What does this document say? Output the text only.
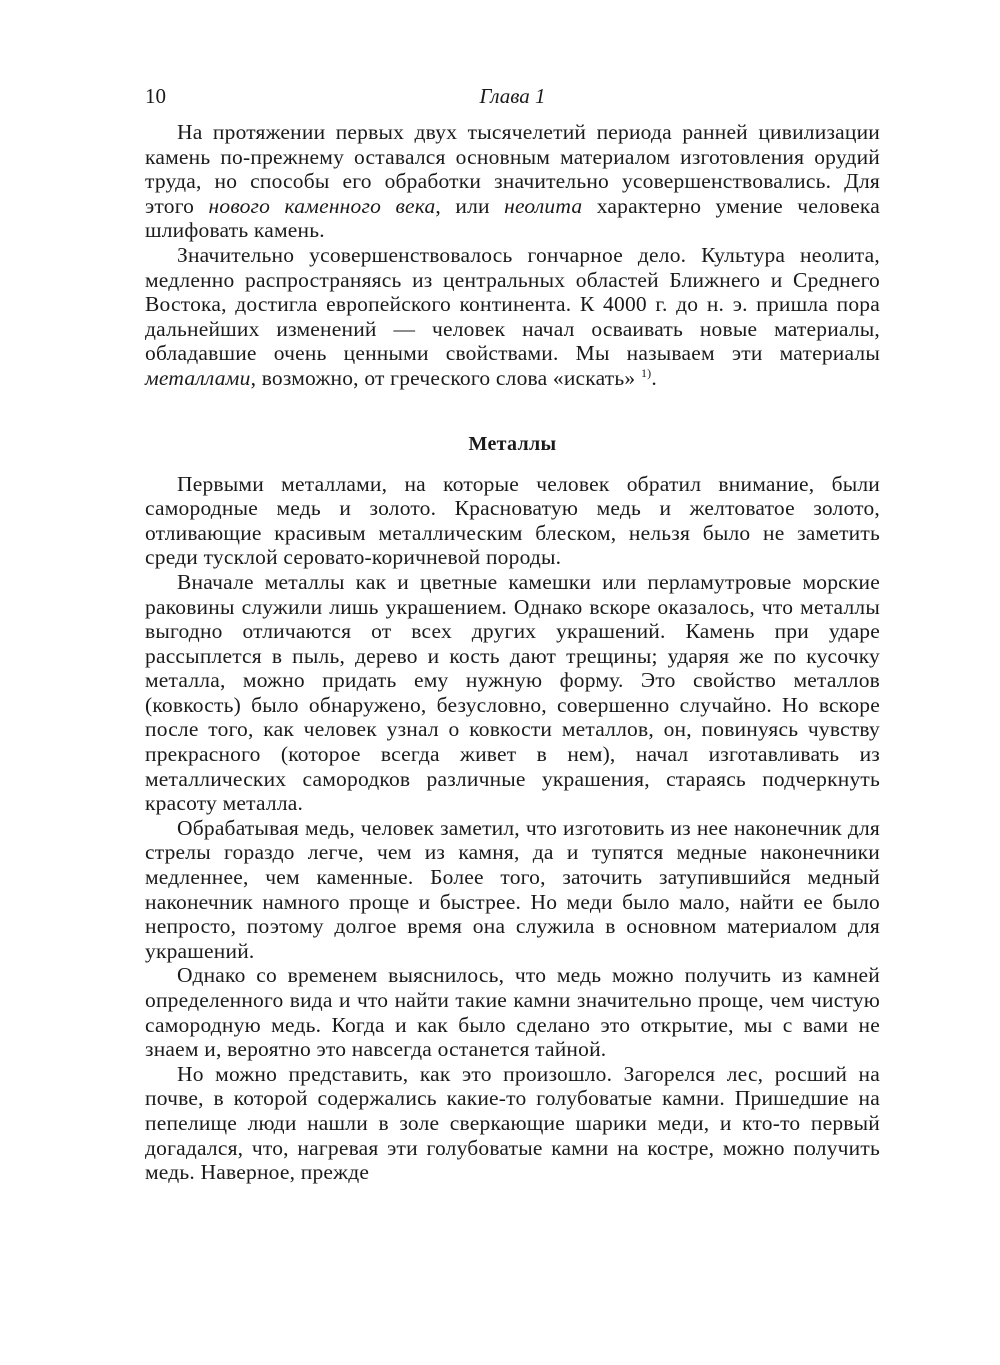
10	Глава 1

На протяжении первых двух тысячелетий периода ранней цивилизации камень по-прежнему оставался основным материалом изготовления орудий труда, но способы его обработки значительно усовершенствовались. Для этого нового каменного века, или неолита характерно умение человека шлифовать камень.

Значительно усовершенствовалось гончарное дело. Культура неолита, медленно распространяясь из центральных областей Ближнего и Среднего Востока, достигла европейского континента. К 4000 г. до н. э. пришла пора дальнейших изменений — человек начал осваивать новые материалы, обладавшие очень ценными свойствами. Мы называем эти материалы металлами, возможно, от греческого слова «искать» $^{1)}$.

Металлы

Первыми металлами, на которые человек обратил внимание, были самородные медь и золото. Красноватую медь и желтоватое золото, отливающие красивым металлическим блеском, нельзя было не заметить среди тусклой серовато-коричневой породы.

Вначале металлы как и цветные камешки или перламутровые морские раковины служили лишь украшением. Однако вскоре оказалось, что металлы выгодно отличаются от всех других украшений. Камень при ударе рассыплется в пыль, дерево и кость дают трещины; ударяя же по кусочку металла, можно придать ему нужную форму. Это свойство металлов (ковкость) было обнаружено, безусловно, совершенно случайно. Но вскоре после того, как человек узнал о ковкости металлов, он, повинуясь чувству прекрасного (которое всегда живет в нем), начал изготавливать из металлических самородков различные украшения, стараясь подчеркнуть красоту металла.

Обрабатывая медь, человек заметил, что изготовить из нее наконечник для стрелы гораздо легче, чем из камня, да и тупятся медные наконечники медленнее, чем каменные. Более того, заточить затупившийся медный наконечник намного проще и быстрее. Но меди было мало, найти ее было непросто, поэтому долгое время она служила в основном материалом для украшений.

Однако со временем выяснилось, что медь можно получить из камней определенного вида и что найти такие камни значительно проще, чем чистую самородную медь. Когда и как было сделано это открытие, мы с вами не знаем и, вероятно это навсегда останется тайной.

Но можно представить, как это произошло. Загорелся лес, росший на почве, в которой содержались какие-то голубоватые камни. Пришедшие на пепелище люди нашли в золе сверкающие шарики меди, и кто-то первый догадался, что, нагревая эти голубоватые камни на костре, можно получить медь. Наверное, прежде
